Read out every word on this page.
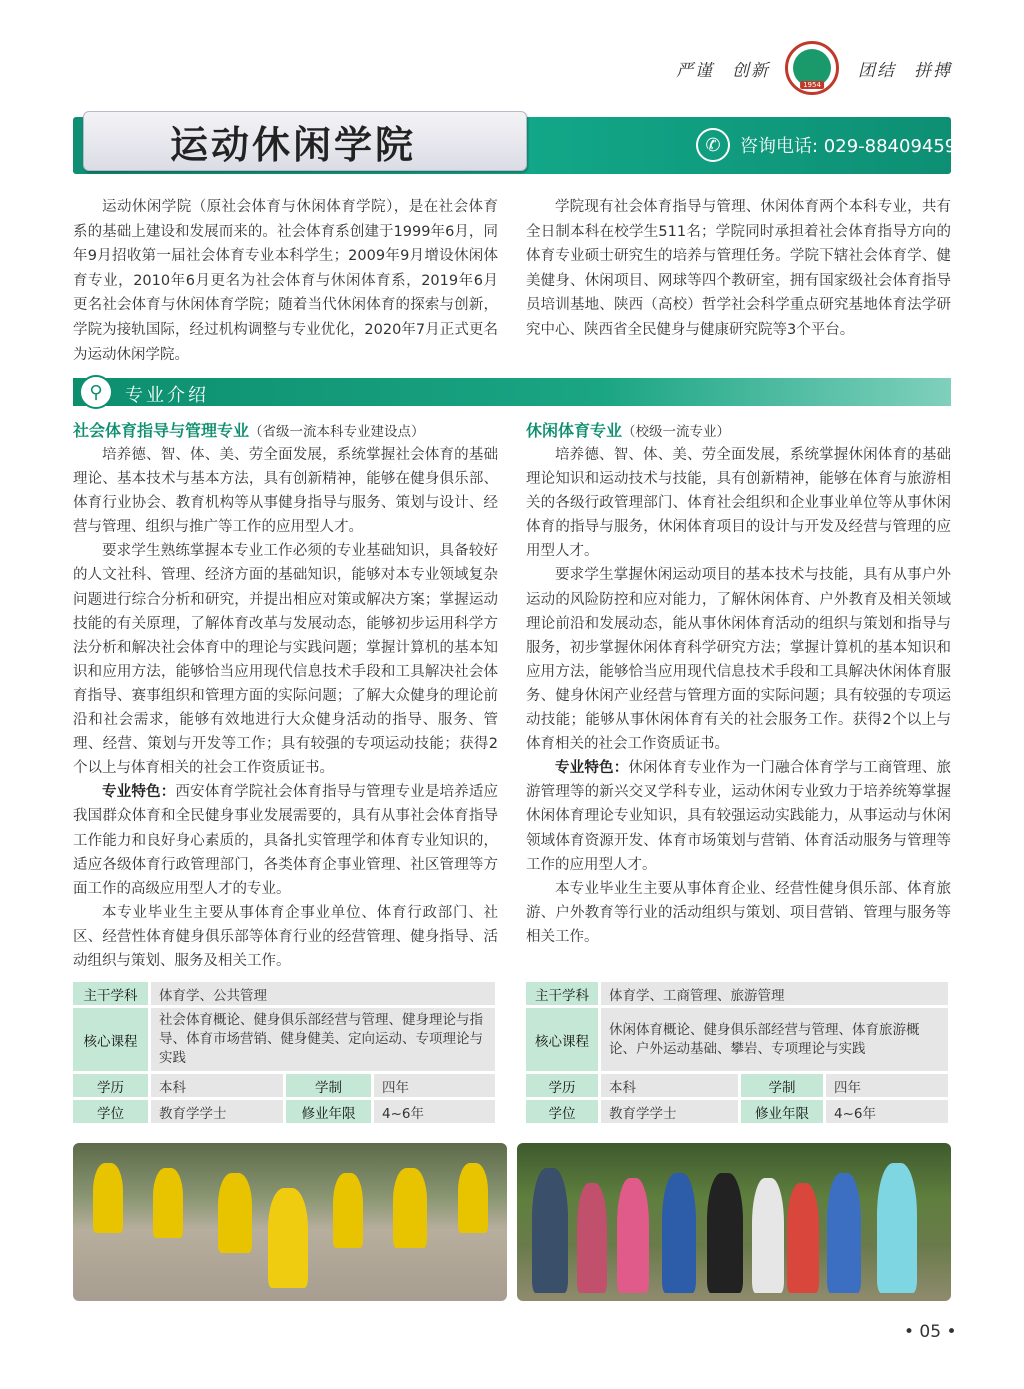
严谨 创新
1954
团结 拼搏
运动休闲学院	✆	咨询电话: 029-88409459

运动休闲学院（原社会体育与休闲体育学院），是在社会体育系的基础上建设和发展而来的。社会体育系创建于1999年6月，同年9月招收第一届社会体育专业本科学生；2009年9月增设休闲体育专业，2010年6月更名为社会体育与休闲体育系，2019年6月更名社会体育与休闲体育学院；随着当代休闲体育的探索与创新，学院为接轨国际，经过机构调整与专业优化，2020年7月正式更名为运动休闲学院。

学院现有社会体育指导与管理、休闲体育两个本科专业，共有全日制本科在校学生511名；学院同时承担着社会体育指导方向的体育专业硕士研究生的培养与管理任务。学院下辖社会体育学、健美健身、休闲项目、网球等四个教研室，拥有国家级社会体育指导员培训基地、陕西（高校）哲学社会科学重点研究基地体育法学研究中心、陕西省全民健身与健康研究院等3个平台。

⚲	专业介绍
社会体育指导与管理专业（省级一流本科专业建设点）

培养德、智、体、美、劳全面发展，系统掌握社会体育的基础理论、基本技术与基本方法，具有创新精神，能够在健身俱乐部、体育行业协会、教育机构等从事健身指导与服务、策划与设计、经营与管理、组织与推广等工作的应用型人才。

要求学生熟练掌握本专业工作必须的专业基础知识，具备较好的人文社科、管理、经济方面的基础知识，能够对本专业领域复杂问题进行综合分析和研究，并提出相应对策或解决方案；掌握运动技能的有关原理，了解体育改革与发展动态，能够初步运用科学方法分析和解决社会体育中的理论与实践问题；掌握计算机的基本知识和应用方法，能够恰当应用现代信息技术手段和工具解决社会体育指导、赛事组织和管理方面的实际问题；了解大众健身的理论前沿和社会需求，能够有效地进行大众健身活动的指导、服务、管理、经营、策划与开发等工作；具有较强的专项运动技能；获得2个以上与体育相关的社会工作资质证书。

专业特色：西安体育学院社会体育指导与管理专业是培养适应我国群众体育和全民健身事业发展需要的，具有从事社会体育指导工作能力和良好身心素质的，具备扎实管理学和体育专业知识的，适应各级体育行政管理部门，各类体育企事业管理、社区管理等方面工作的高级应用型人才的专业。

本专业毕业生主要从事体育企事业单位、体育行政部门、社区、经营性体育健身俱乐部等体育行业的经营管理、健身指导、活动组织与策划、服务及相关工作。

休闲体育专业（校级一流专业）

培养德、智、体、美、劳全面发展，系统掌握休闲体育的基础理论知识和运动技术与技能，具有创新精神，能够在体育与旅游相关的各级行政管理部门、体育社会组织和企业事业单位等从事休闲体育的指导与服务，休闲体育项目的设计与开发及经营与管理的应用型人才。

要求学生掌握休闲运动项目的基本技术与技能，具有从事户外运动的风险防控和应对能力，了解休闲体育、户外教育及相关领域理论前沿和发展动态，能从事休闲体育活动的组织与策划和指导与服务，初步掌握休闲体育科学研究方法；掌握计算机的基本知识和应用方法，能够恰当应用现代信息技术手段和工具解决休闲体育服务、健身休闲产业经营与管理方面的实际问题；具有较强的专项运动技能；能够从事休闲体育有关的社会服务工作。获得2个以上与体育相关的社会工作资质证书。

专业特色：休闲体育专业作为一门融合体育学与工商管理、旅游管理等的新兴交叉学科专业，运动休闲专业致力于培养统筹掌握休闲体育理论专业知识，具有较强运动实践能力，从事运动与休闲领域体育资源开发、体育市场策划与营销、体育活动服务与管理等工作的应用型人才。

本专业毕业生主要从事体育企业、经营性健身俱乐部、体育旅游、户外教育等行业的活动组织与策划、项目营销、管理与服务等相关工作。

主干学科	体育学、公共管理		
核心课程	社会体育概论、健身俱乐部经营与管理、健身理论与指导、体育市场营销、健身健美、定向运动、专项理论与实践		
学历	本科	学制	四年
学位	教育学学士	修业年限	4~6年
主干学科	体育学、工商管理、旅游管理		
核心课程	休闲体育概论、健身俱乐部经营与管理、体育旅游概论、户外运动基础、攀岩、专项理论与实践		
学历	本科	学制	四年
学位	教育学学士	修业年限	4~6年
• 05 •
